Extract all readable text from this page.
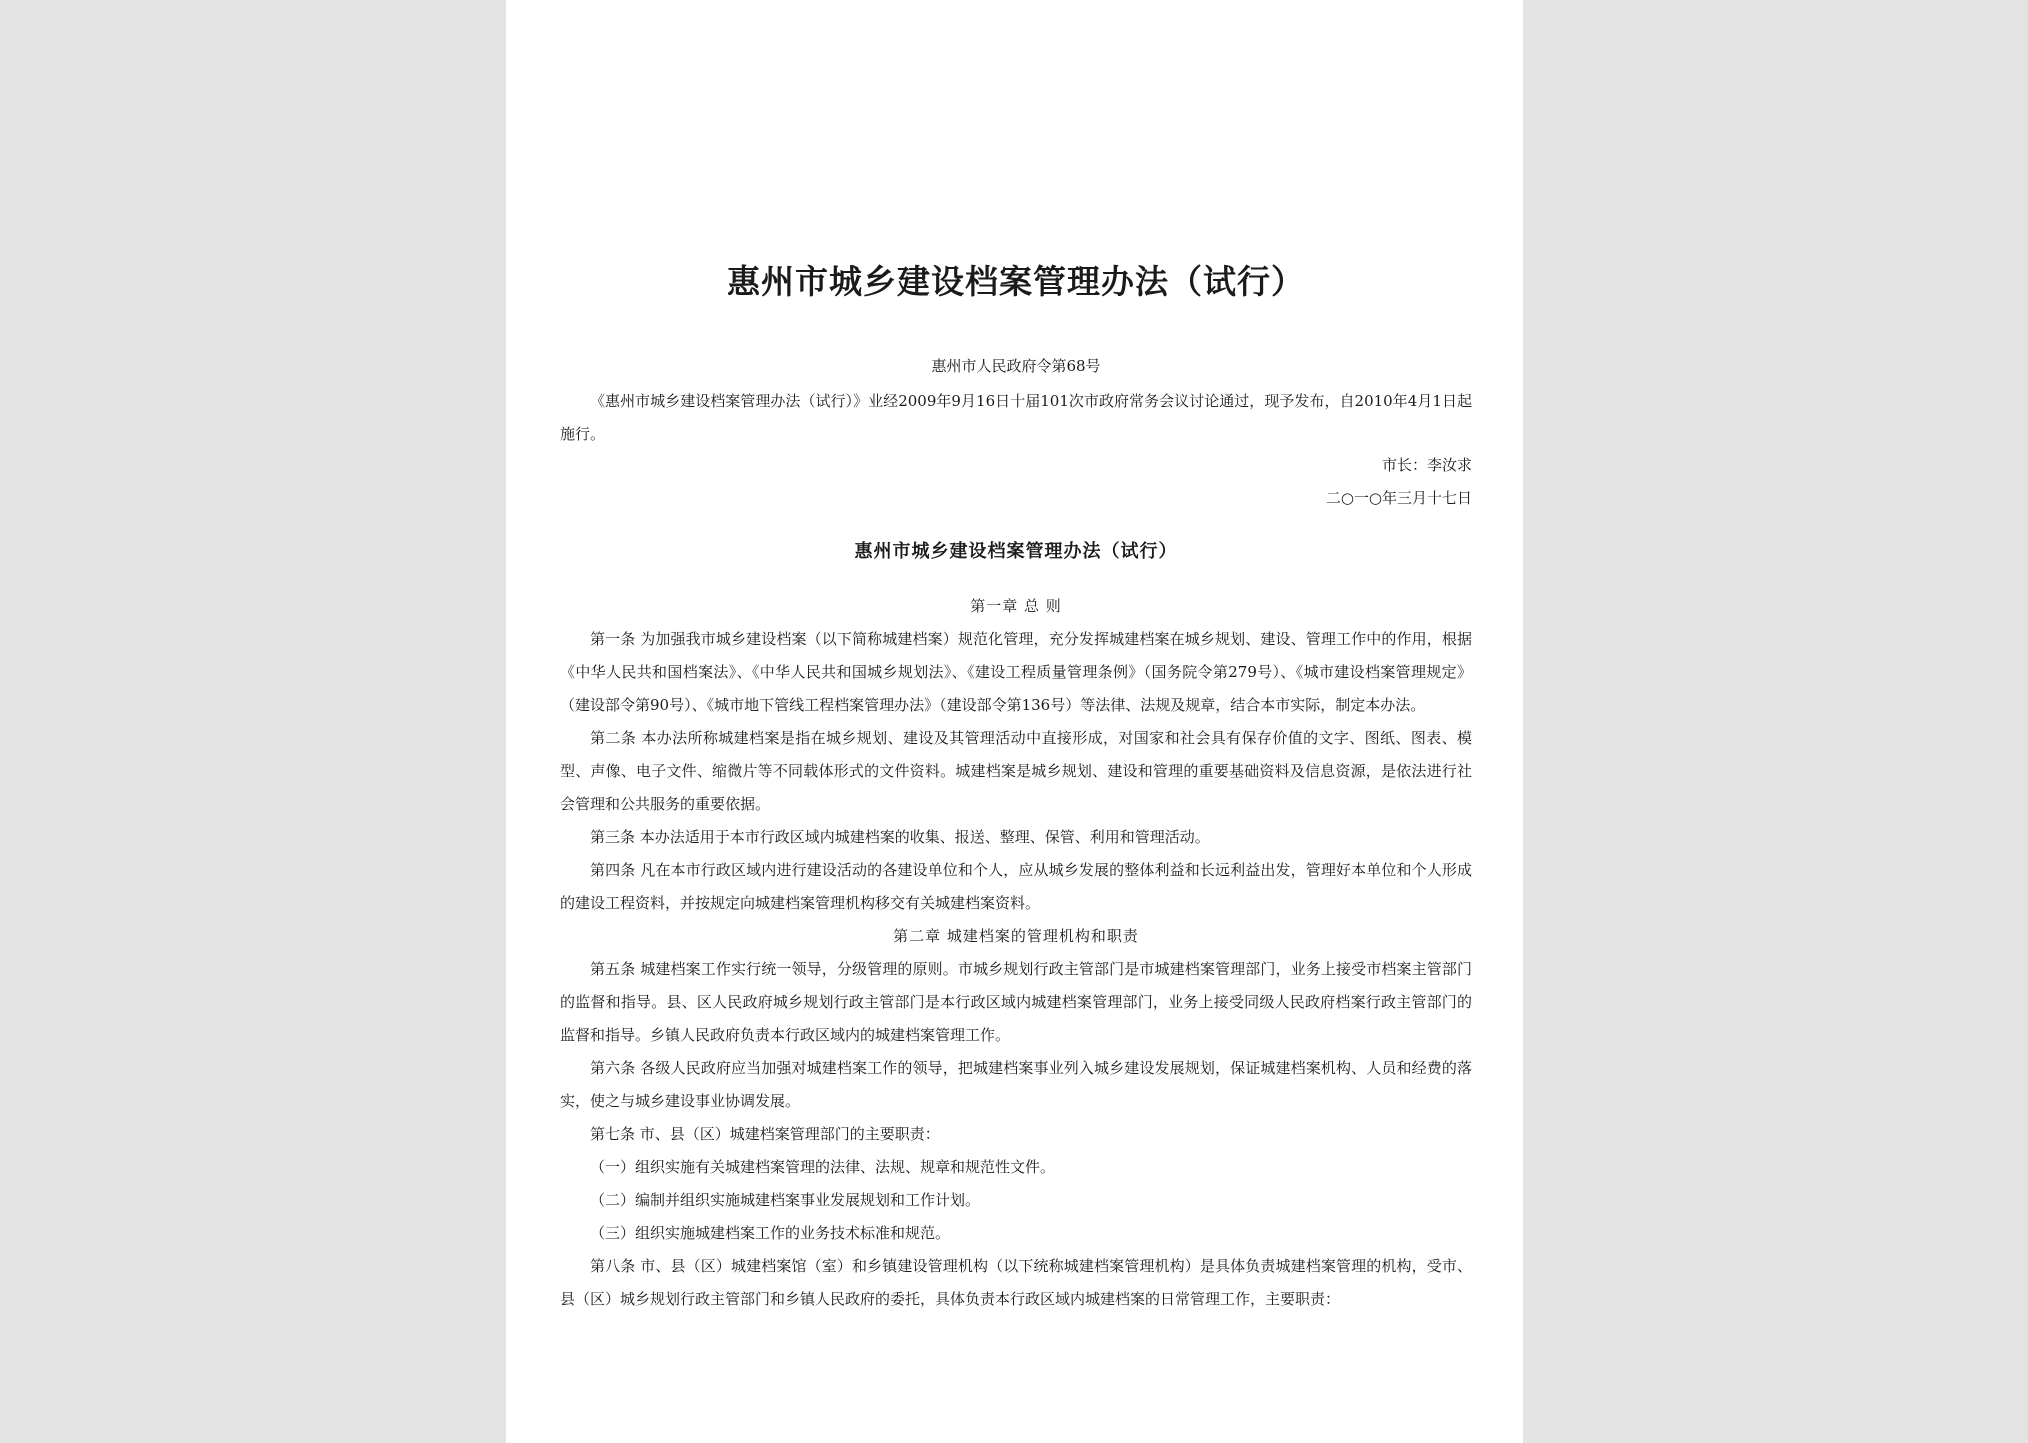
惠州市城乡建设档案管理办法（试行）
惠州市人民政府令第68号

《惠州市城乡建设档案管理办法（试行）》业经2009年9月16日十届101次市政府常务会议讨论通过，现予发布，自2010年4月1日起施行。

市长：李汝求
二○一○年三月十七日
惠州市城乡建设档案管理办法（试行）

第一章 总 则

第一条 为加强我市城乡建设档案（以下简称城建档案）规范化管理，充分发挥城建档案在城乡规划、建设、管理工作中的作用，根据《中华人民共和国档案法》、《中华人民共和国城乡规划法》、《建设工程质量管理条例》（国务院令第279号）、《城市建设档案管理规定》（建设部令第90号）、《城市地下管线工程档案管理办法》（建设部令第136号）等法律、法规及规章，结合本市实际，制定本办法。

第二条 本办法所称城建档案是指在城乡规划、建设及其管理活动中直接形成，对国家和社会具有保存价值的文字、图纸、图表、模型、声像、电子文件、缩微片等不同载体形式的文件资料。城建档案是城乡规划、建设和管理的重要基础资料及信息资源，是依法进行社会管理和公共服务的重要依据。

第三条 本办法适用于本市行政区域内城建档案的收集、报送、整理、保管、利用和管理活动。

第四条 凡在本市行政区域内进行建设活动的各建设单位和个人，应从城乡发展的整体利益和长远利益出发，管理好本单位和个人形成的建设工程资料，并按规定向城建档案管理机构移交有关城建档案资料。

第二章 城建档案的管理机构和职责

第五条 城建档案工作实行统一领导，分级管理的原则。市城乡规划行政主管部门是市城建档案管理部门，业务上接受市档案主管部门的监督和指导。县、区人民政府城乡规划行政主管部门是本行政区域内城建档案管理部门，业务上接受同级人民政府档案行政主管部门的监督和指导。乡镇人民政府负责本行政区域内的城建档案管理工作。

第六条 各级人民政府应当加强对城建档案工作的领导，把城建档案事业列入城乡建设发展规划，保证城建档案机构、人员和经费的落实，使之与城乡建设事业协调发展。

第七条 市、县（区）城建档案管理部门的主要职责：

（一）组织实施有关城建档案管理的法律、法规、规章和规范性文件。

（二）编制并组织实施城建档案事业发展规划和工作计划。

（三）组织实施城建档案工作的业务技术标准和规范。

第八条 市、县（区）城建档案馆（室）和乡镇建设管理机构（以下统称城建档案管理机构）是具体负责城建档案管理的机构，受市、县（区）城乡规划行政主管部门和乡镇人民政府的委托，具体负责本行政区域内城建档案的日常管理工作，主要职责：
